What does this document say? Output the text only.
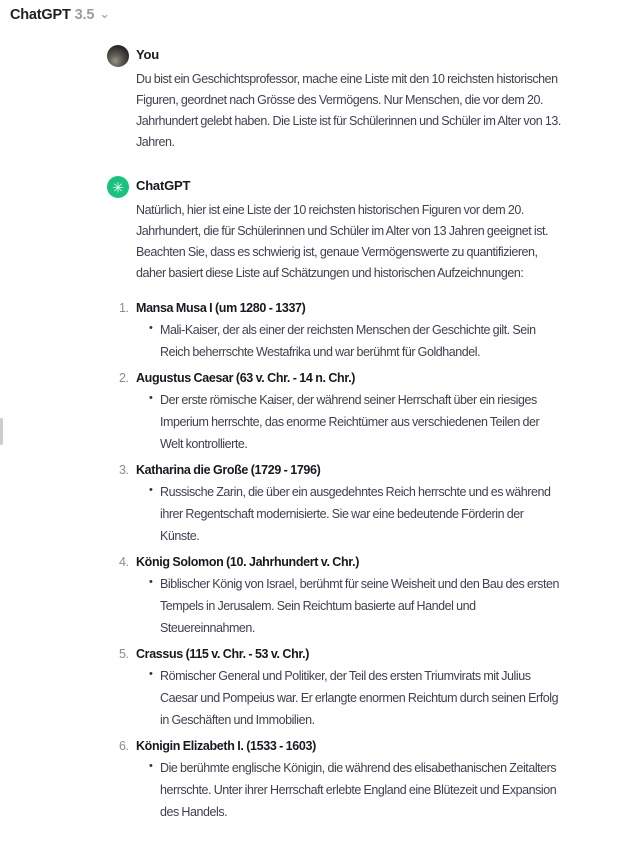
ChatGPT 3.5 ⌄
You
Du bist ein Geschichtsprofessor, mache eine Liste mit den 10 reichsten historischen Figuren, geordnet nach Grösse des Vermögens. Nur Menschen, die vor dem 20. Jahrhundert gelebt haben. Die Liste ist für Schülerinnen und Schüler im Alter von 13. Jahren.
✳ ChatGPT
Natürlich, hier ist eine Liste der 10 reichsten historischen Figuren vor dem 20. Jahrhundert, die für Schülerinnen und Schüler im Alter von 13 Jahren geeignet ist. Beachten Sie, dass es schwierig ist, genaue Vermögenswerte zu quantifizieren, daher basiert diese Liste auf Schätzungen und historischen Aufzeichnungen:
1. Mansa Musa I (um 1280 - 1337)
• Mali-Kaiser, der als einer der reichsten Menschen der Geschichte gilt. Sein Reich beherrschte Westafrika und war berühmt für Goldhandel.
2. Augustus Caesar (63 v. Chr. - 14 n. Chr.)
• Der erste römische Kaiser, der während seiner Herrschaft über ein riesiges Imperium herrschte, das enorme Reichtümer aus verschiedenen Teilen der Welt kontrollierte.
3. Katharina die Große (1729 - 1796)
• Russische Zarin, die über ein ausgedehntes Reich herrschte und es während ihrer Regentschaft modernisierte. Sie war eine bedeutende Förderin der Künste.
4. König Solomon (10. Jahrhundert v. Chr.)
• Biblischer König von Israel, berühmt für seine Weisheit und den Bau des ersten Tempels in Jerusalem. Sein Reichtum basierte auf Handel und Steuereinnahmen.
5. Crassus (115 v. Chr. - 53 v. Chr.)
• Römischer General und Politiker, der Teil des ersten Triumvirats mit Julius Caesar und Pompeius war. Er erlangte enormen Reichtum durch seinen Erfolg in Geschäften und Immobilien.
6. Königin Elizabeth I. (1533 - 1603)
• Die berühmte englische Königin, die während des elisabethanischen Zeitalters herrschte. Unter ihrer Herrschaft erlebte England eine Blütezeit und Expansion des Handels.
